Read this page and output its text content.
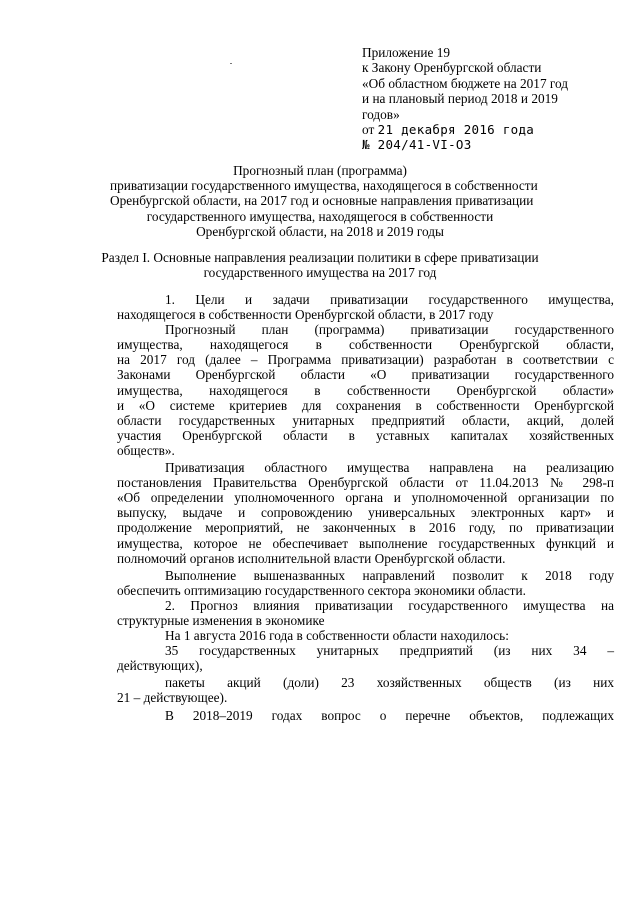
Приложение 19
к Закону Оренбургской области
«Об областном бюджете на 2017 год
и на плановый период 2018 и 2019
годов»
от 21 декабря 2016 года
№ 204/41-VI-ОЗ
Прогнозный план (программа)
приватизации государственного имущества, находящегося в собственности
Оренбургской области, на 2017 год и основные направления приватизации
государственного имущества, находящегося в собственности
Оренбургской области, на 2018 и 2019 годы
Раздел I. Основные направления реализации политики в сфере приватизации
государственного имущества на 2017 год
1. Цели и задачи приватизации государственного имущества,
находящегося в собственности Оренбургской области, в 2017 году
Прогнозный план (программа) приватизации государственного
имущества, находящегося в собственности Оренбургской области,
на 2017 год (далее – Программа приватизации) разработан в соответствии с
Законами Оренбургской области «О приватизации государственного
имущества, находящегося в собственности Оренбургской области»
и «О системе критериев для сохранения в собственности Оренбургской
области государственных унитарных предприятий области, акций, долей
участия Оренбургской области в уставных капиталах хозяйственных
обществ».
Приватизация областного имущества направлена на реализацию
постановления Правительства Оренбургской области от 11.04.2013 № 298-п
«Об определении уполномоченного органа и уполномоченной организации по
выпуску, выдаче и сопровождению универсальных электронных карт» и
продолжение мероприятий, не законченных в 2016 году, по приватизации
имущества, которое не обеспечивает выполнение государственных функций и
полномочий органов исполнительной власти Оренбургской области.
Выполнение вышеназванных направлений позволит к 2018 году
обеспечить оптимизацию государственного сектора экономики области.
2. Прогноз влияния приватизации государственного имущества на
структурные изменения в экономике
На 1 августа 2016 года в собственности области находилось:
35 государственных унитарных предприятий (из них 34 –
действующих),
пакеты акций (доли) 23 хозяйственных обществ (из них
21 – действующее).
В 2018–2019 годах вопрос о перечне объектов, подлежащих
